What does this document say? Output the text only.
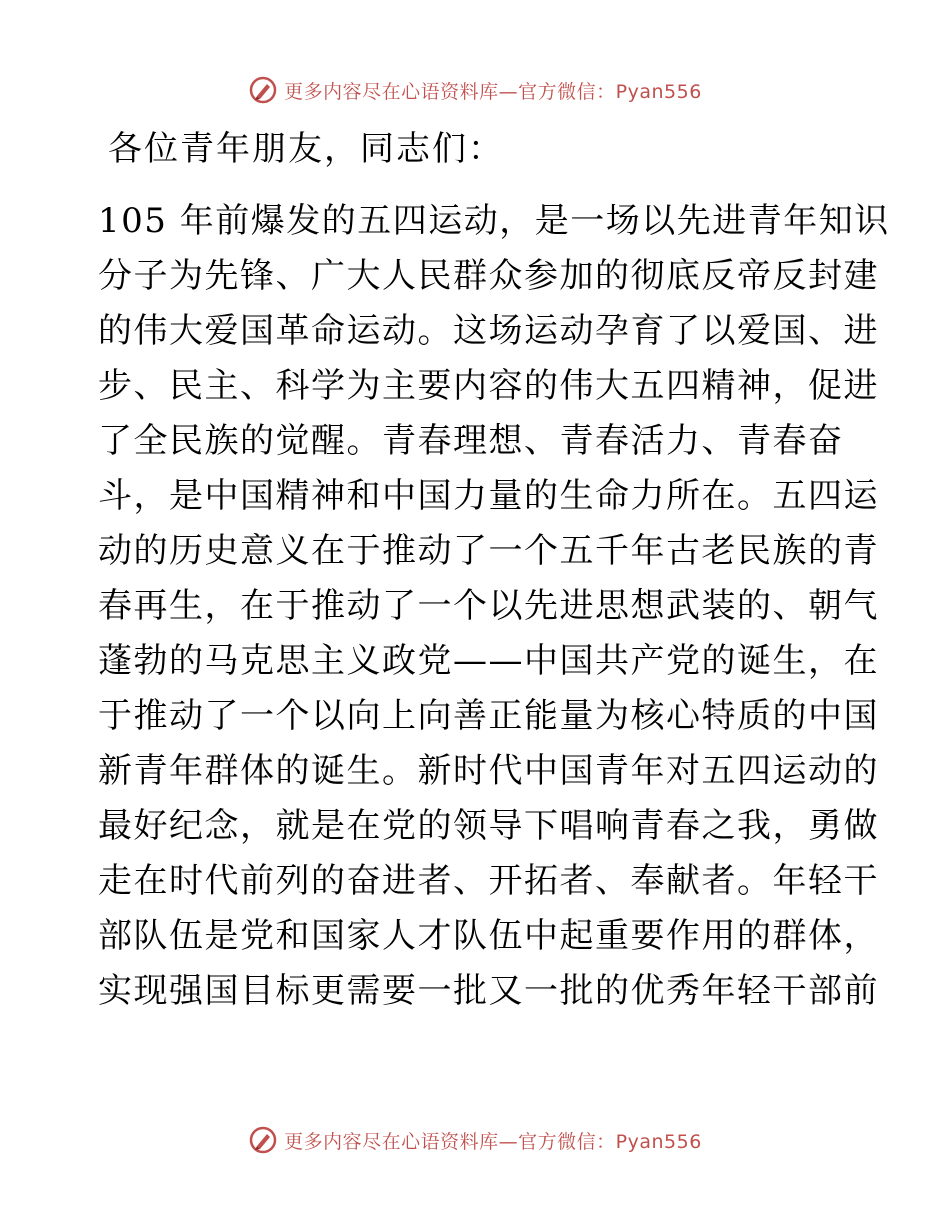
更多内容尽在心语资料库—官方微信：Pyan556
各位青年朋友，同志们：
105 年前爆发的五四运动，是一场以先进青年知识
分子为先锋、广大人民群众参加的彻底反帝反封建
的伟大爱国革命运动。这场运动孕育了以爱国、进
步、民主、科学为主要内容的伟大五四精神，促进
了全民族的觉醒。青春理想、青春活力、青春奋
斗，是中国精神和中国力量的生命力所在。五四运
动的历史意义在于推动了一个五千年古老民族的青
春再生，在于推动了一个以先进思想武装的、朝气
蓬勃的马克思主义政党——中国共产党的诞生，在
于推动了一个以向上向善正能量为核心特质的中国
新青年群体的诞生。新时代中国青年对五四运动的
最好纪念，就是在党的领导下唱响青春之我，勇做
走在时代前列的奋进者、开拓者、奉献者。年轻干
部队伍是党和国家人才队伍中起重要作用的群体，
实现强国目标更需要一批又一批的优秀年轻干部前
更多内容尽在心语资料库—官方微信：Pyan556
